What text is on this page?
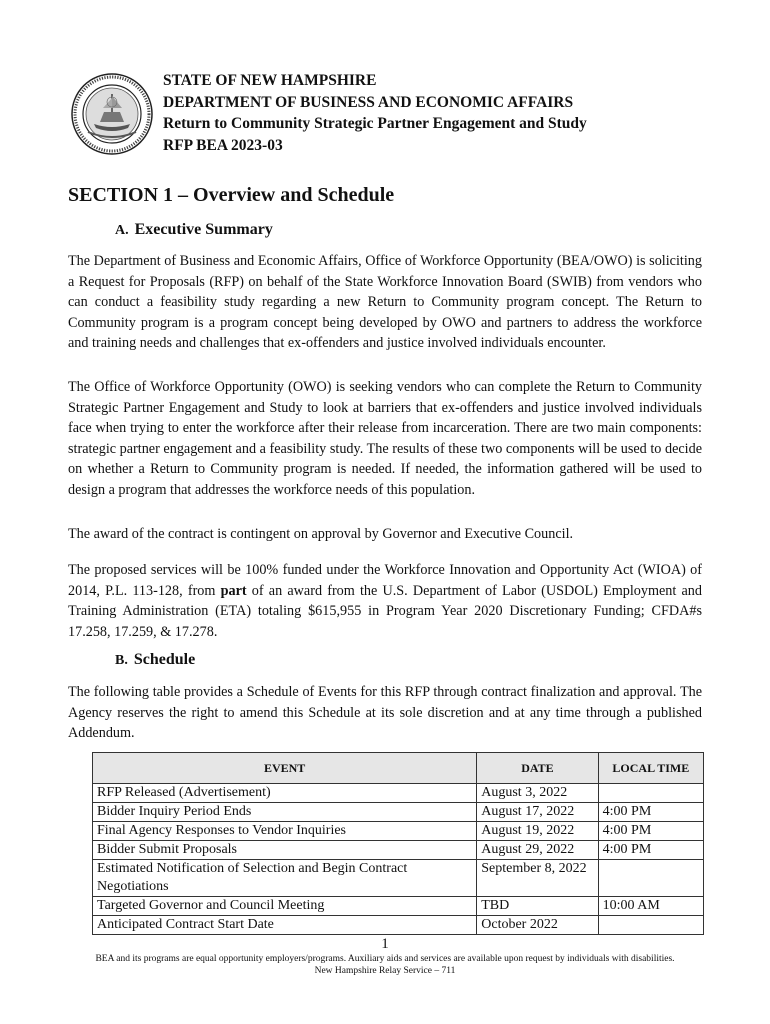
STATE OF NEW HAMPSHIRE
DEPARTMENT OF BUSINESS AND ECONOMIC AFFAIRS
Return to Community Strategic Partner Engagement and Study
RFP BEA 2023-03
SECTION 1 – Overview and Schedule
A. Executive Summary
The Department of Business and Economic Affairs, Office of Workforce Opportunity (BEA/OWO) is soliciting a Request for Proposals (RFP) on behalf of the State Workforce Innovation Board (SWIB) from vendors who can conduct a feasibility study regarding a new Return to Community program concept. The Return to Community program is a program concept being developed by OWO and partners to address the workforce and training needs and challenges that ex-offenders and justice involved individuals encounter.
The Office of Workforce Opportunity (OWO) is seeking vendors who can complete the Return to Community Strategic Partner Engagement and Study to look at barriers that ex-offenders and justice involved individuals face when trying to enter the workforce after their release from incarceration. There are two main components: strategic partner engagement and a feasibility study. The results of these two components will be used to decide on whether a Return to Community program is needed. If needed, the information gathered will be used to design a program that addresses the workforce needs of this population.
The award of the contract is contingent on approval by Governor and Executive Council.
The proposed services will be 100% funded under the Workforce Innovation and Opportunity Act (WIOA) of 2014, P.L. 113-128, from part of an award from the U.S. Department of Labor (USDOL) Employment and Training Administration (ETA) totaling $615,955 in Program Year 2020 Discretionary Funding; CFDA#s 17.258, 17.259, & 17.278.
B. Schedule
The following table provides a Schedule of Events for this RFP through contract finalization and approval. The Agency reserves the right to amend this Schedule at its sole discretion and at any time through a published Addendum.
EVENT	DATE	LOCAL TIME
RFP Released (Advertisement)	August 3, 2022	
Bidder Inquiry Period Ends	August 17, 2022	4:00 PM
Final Agency Responses to Vendor Inquiries	August 19, 2022	4:00 PM
Bidder Submit Proposals	August 29, 2022	4:00 PM
Estimated Notification of Selection and Begin Contract Negotiations	September 8, 2022	
Targeted Governor and Council Meeting	TBD	10:00 AM
Anticipated Contract Start Date	October 2022	
1
BEA and its programs are equal opportunity employers/programs. Auxiliary aids and services are available upon request by individuals with disabilities.
New Hampshire Relay Service – 711
